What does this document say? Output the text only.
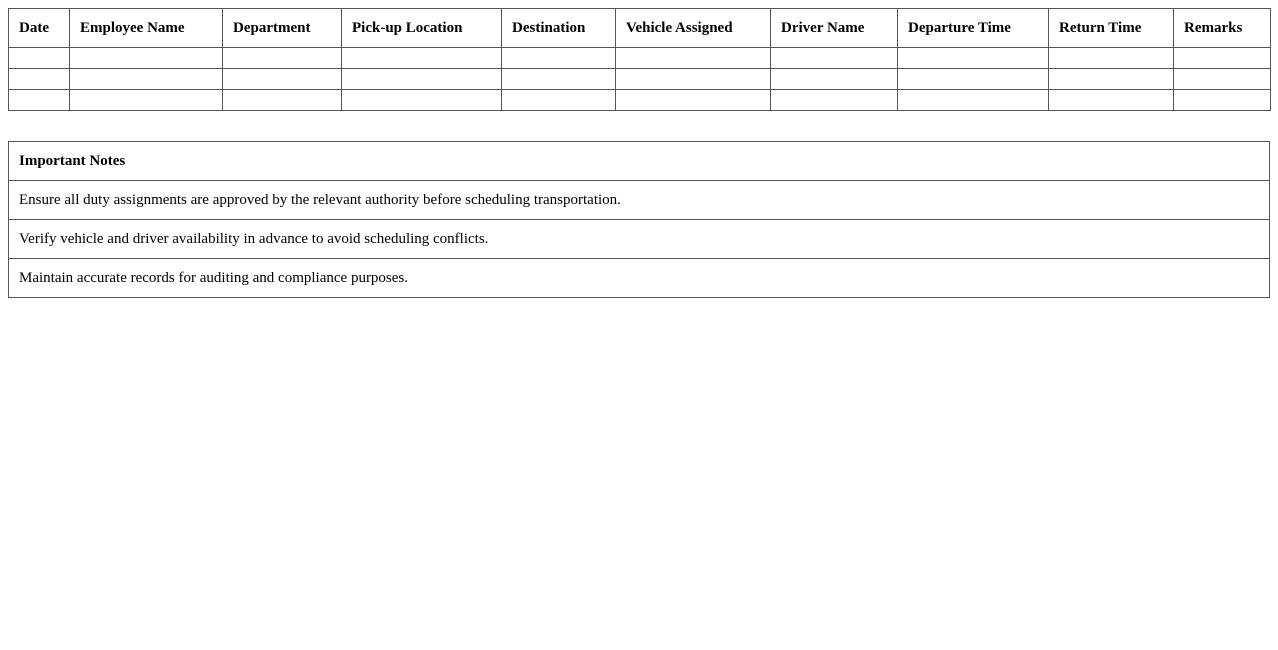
Date	Employee Name	Department	Pick-up Location	Destination	Vehicle Assigned	Driver Name	Departure Time	Return Time	Remarks

Important Notes
Ensure all duty assignments are approved by the relevant authority before scheduling transportation.
Verify vehicle and driver availability in advance to avoid scheduling conflicts.
Maintain accurate records for auditing and compliance purposes.
